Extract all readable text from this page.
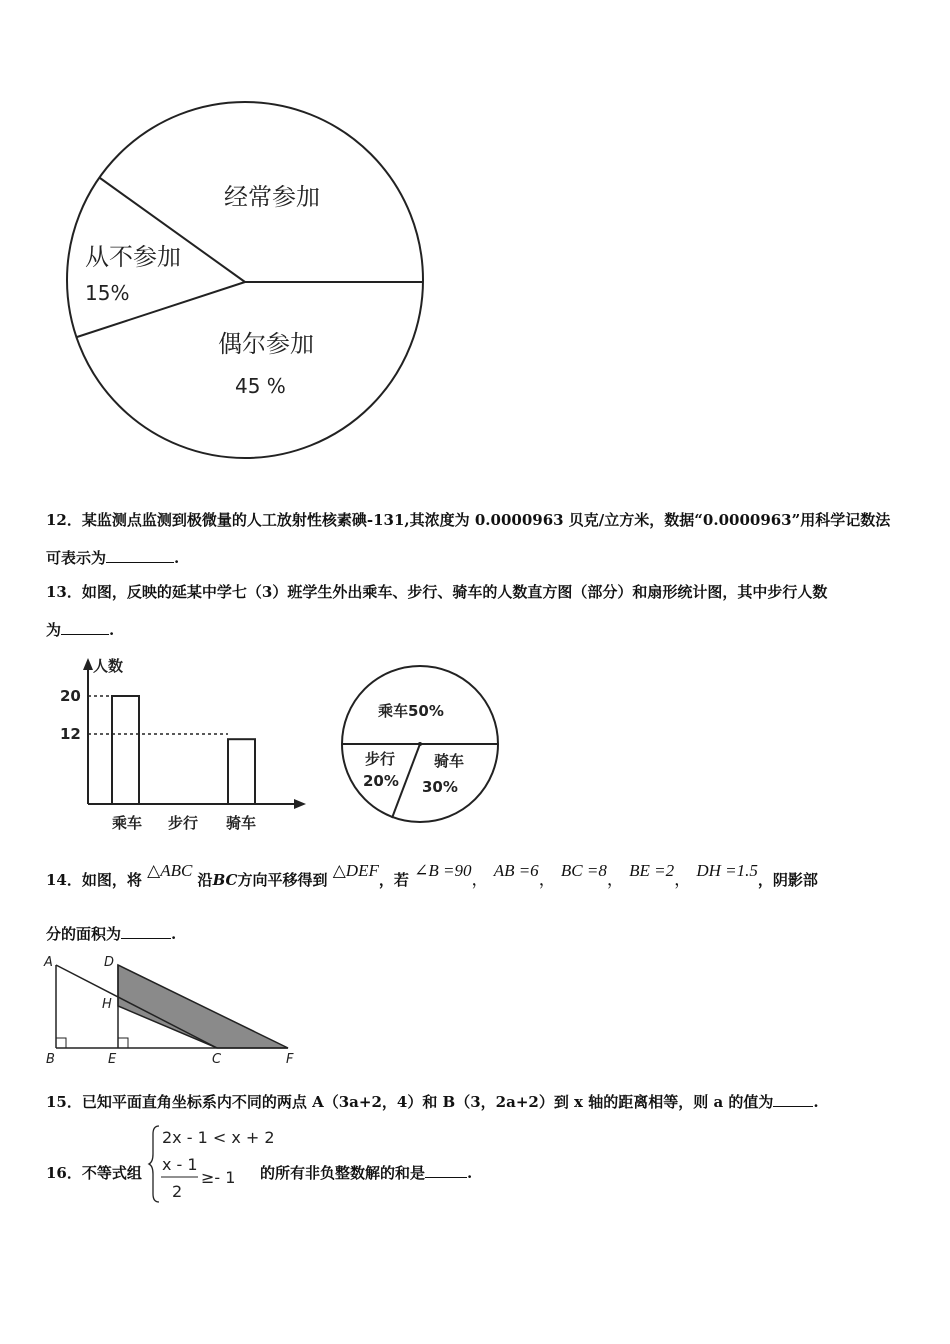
经常参加
从不参加
15%
偶尔参加
45 %
12．某监测点监测到极微量的人工放射性核素碘-131,其浓度为 0.0000963 贝克/立方米，数据“0.0000963”用科学记数法
可表示为	.
13．如图，反映的延某中学七（3）班学生外出乘车、步行、骑车的人数直方图（部分）和扇形统计图，其中步行人数
为	.
人数
20
12
乘车 步行 骑车
乘车50%
步行
20%
骑车
30%
14．如图，将 △ABC 沿BC方向平移得到 △DEF，若 ∠B =90， AB =6， BC =8， BE =2， DH =1.5，阴影部
分的面积为	.
A	D
H
B	E	C	F
15．已知平面直角坐标系内不同的两点 A（3a+2，4）和 B（3，2a+2）到 x 轴的距离相等，则 a 的值为	.
16．不等式组
2x - 1 < x + 2
x - 1
2
≥- 1 的所有非负整数解的和是	.
